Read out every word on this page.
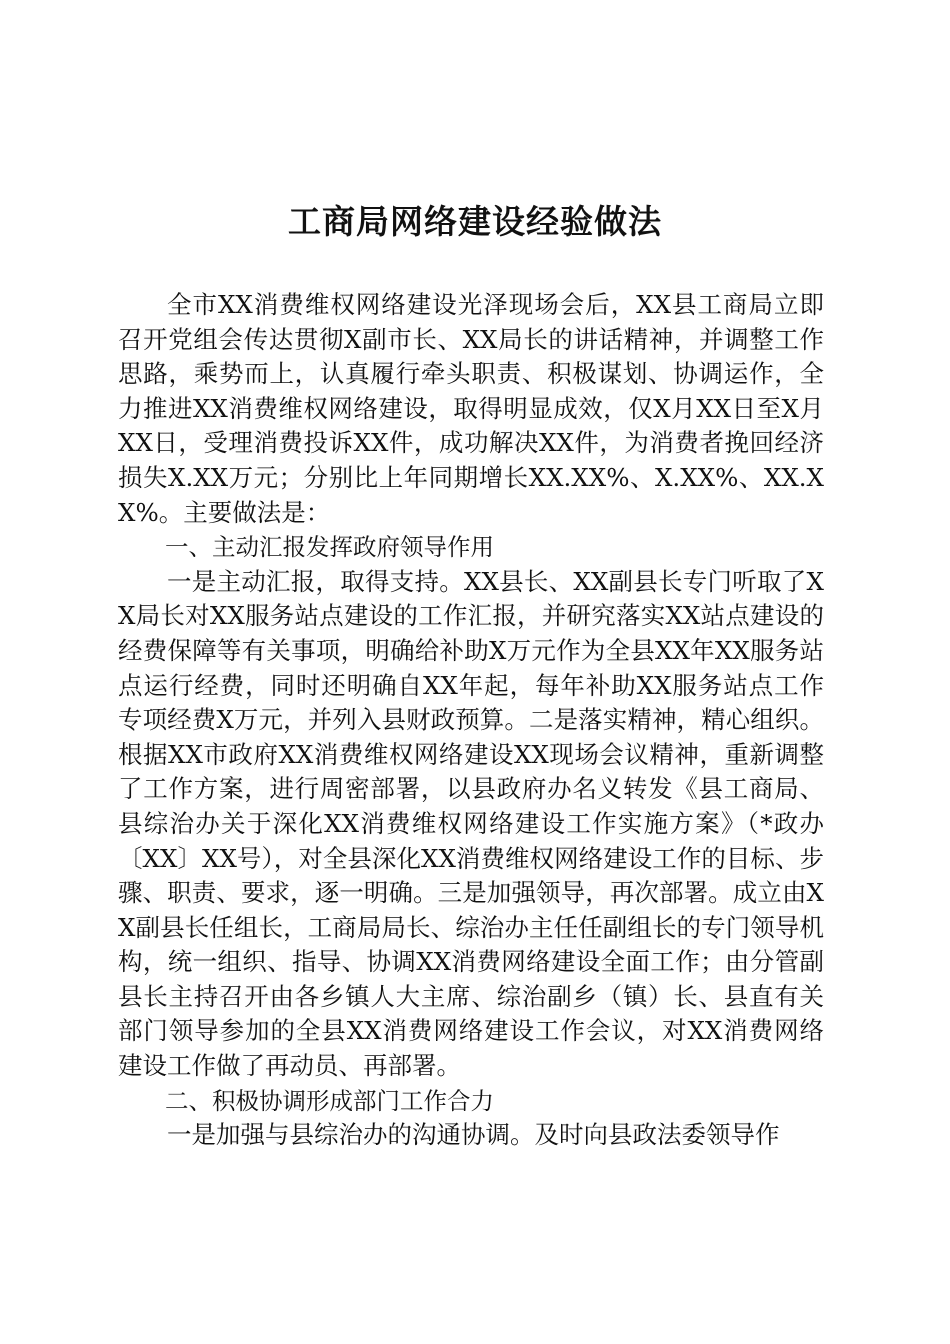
工商局网络建设经验做法

全市XX消费维权网络建设光泽现场会后，XX县工商局立即召开党组会传达贯彻X副市长、XX局长的讲话精神，并调整工作思路，乘势而上，认真履行牵头职责、积极谋划、协调运作，全力推进XX消费维权网络建设，取得明显成效，仅X月XX日至X月XX日，受理消费投诉XX件，成功解决XX件，为消费者挽回经济损失X.XX万元；分别比上年同期增长XX.XX%、X.XX%、XX.XX%。主要做法是：

一、主动汇报发挥政府领导作用

一是主动汇报，取得支持。XX县长、XX副县长专门听取了XX局长对XX服务站点建设的工作汇报，并研究落实XX站点建设的经费保障等有关事项，明确给补助X万元作为全县XX年XX服务站点运行经费，同时还明确自XX年起，每年补助XX服务站点工作专项经费X万元，并列入县财政预算。二是落实精神，精心组织。根据XX市政府XX消费维权网络建设XX现场会议精神，重新调整了工作方案，进行周密部署，以县政府办名义转发《县工商局、县综治办关于深化XX消费维权网络建设工作实施方案》（*政办〔XX〕XX号），对全县深化XX消费维权网络建设工作的目标、步骤、职责、要求，逐一明确。三是加强领导，再次部署。成立由XX副县长任组长，工商局局长、综治办主任任副组长的专门领导机构，统一组织、指导、协调XX消费网络建设全面工作；由分管副县长主持召开由各乡镇人大主席、综治副乡（镇）长、县直有关部门领导参加的全县XX消费网络建设工作会议，对XX消费网络建设工作做了再动员、再部署。

二、积极协调形成部门工作合力

一是加强与县综治办的沟通协调。及时向县政法委领导作
